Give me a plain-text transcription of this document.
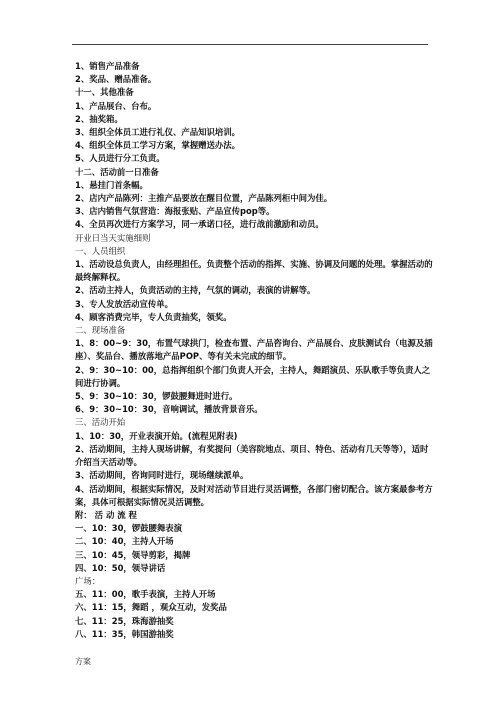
1、销售产品准备
2、奖品、赠品准备。
十一、其他准备
1、产品展台、台布。
2、抽奖箱。
3、组织全体员工进行礼仪、产品知识培训。
4、组织全体员工学习方案，掌握赠送办法。
5、人员进行分工负责。
十二、活动前一日准备
1、悬挂门首条幅。
2、店内产品陈列：主推产品要放在醒目位置，产品陈列柜中间为佳。
3、店内销售气氛营造：海报张贴、产品宣传pop等。
4、全员再次进行方案学习，同一承诺口径，进行战前激励和动员。
开业日当天实施细则
一、人员组织
1、活动设总负责人，由经理担任。负责整个活动的指挥、实施、协调及问题的处理。掌握活动的最终解释权。
2、活动主持人，负责活动的主持，气氛的调动，表演的讲解等。
3、专人发放活动宣传单。
4、顾客消费完毕，专人负责抽奖，领奖。
二、现场准备
1、8：00~9：30，布置气球拱门，检查布置、产品咨询台、产品展台、皮肤测试台（电源及插座）、奖品台、播放落地产品POP、等有关未完成的细节。
2、9：30~10：00，总指挥组织个部门负责人开会，主持人，舞蹈演员、乐队歌手等负责人之间进行协调。
5、9：30~10：30，锣鼓腰舞进时进行。
6、9：30~10：30，音响调试，播放背景音乐。
三、活动开始
1、10：30，开业表演开始。(流程见附表)
2、活动期间，主持人现场讲解，有奖提问（美容院地点、项目、特色、活动有几天等等），适时介绍当天活动等。
3、活动期间，咨询同时进行，现场继续派单。
4、活动期间，根据实际情况，及时对活动节目进行灵活调整，各部门密切配合。该方案最参考方案，具体可根据实际情况灵活调整。
附： 活 动 流 程
一、10：30，锣鼓腰舞表演
二、10：40，主持人开场
三、10：45，领导剪彩，揭牌
四、10：50，领导讲话
广场：
五、11：00，歌手表演，主持人开场
六、11：15，舞蹈 ，观众互动，发奖品
七、11：25，珠海游抽奖
八、11：35，韩国游抽奖
方案
